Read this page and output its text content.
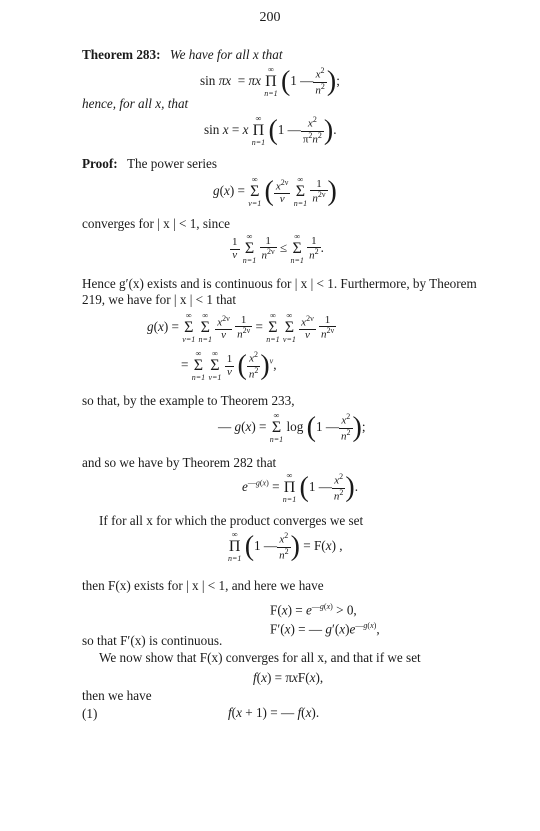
200
Theorem 283: We have for all x that
sin πx  = πx
∞
Π
n=1 (1 — $\frac{x^2}{n^2}$ );
hence, for all x, that
sin x = x
∞
Π
n=1 (1 — $\frac{x^2}{\pi^2n^2}$ ).
Proof: The power series
g(x) =
∞
Σ
ν=1 ( $\frac{x^{2\nu}}{\nu}$
∞
Σ
n=1
$\frac{1}{n^{2\nu}}$ )
converges for | x | < 1, since
$\frac{1}{\nu}$

∞
Σ
n=1
$\frac{1}{n^{2\nu}}$ ≤
∞
Σ
n=1
$\frac{1}{n^2}$ .
Hence g′(x) exists and is continuous for | x | < 1. Furthermore, by Theorem
219, we have for | x | < 1 that
g(x) =
∞
Σ
ν=1

∞
Σ
n=1
$\frac{x^{2\nu}}{\nu}$
$\frac{1}{n^{2\nu}}$ =
∞
Σ
n=1

∞
Σ
ν=1
$\frac{x^{2\nu}}{\nu}$
$\frac{1}{n^{2\nu}}$
=
∞
Σ
n=1

∞
Σ
ν=1
$\frac{1}{\nu}$ ( $\frac{x^2}{n^2} )^\nu$,
so that, by the example to Theorem 233,
— g(x) =
∞
Σ
n=1
log (1 — $\frac{x^2}{n^2}$ );
and so we have by Theorem 282 that
$e^{—g(x)}$ =
∞
Π
n=1 (1 — $\frac{x^2}{n^2}$ ).
If for all x for which the product converges we set
∞
Π
n=1 (1 — $\frac{x^2}{n^2}$ ) = F(x) ,
then F(x) exists for | x | < 1, and here we have
$F(x) = e^{—g(x)} > 0$,
F′(x) = — $g'(x)e^{—g(x)}$,
so that F′(x) is continuous.
We now show that F(x) converges for all x, and that if we set
f(x) = πxF(x),
then we have
(1)	f(x + 1) = — f(x).
